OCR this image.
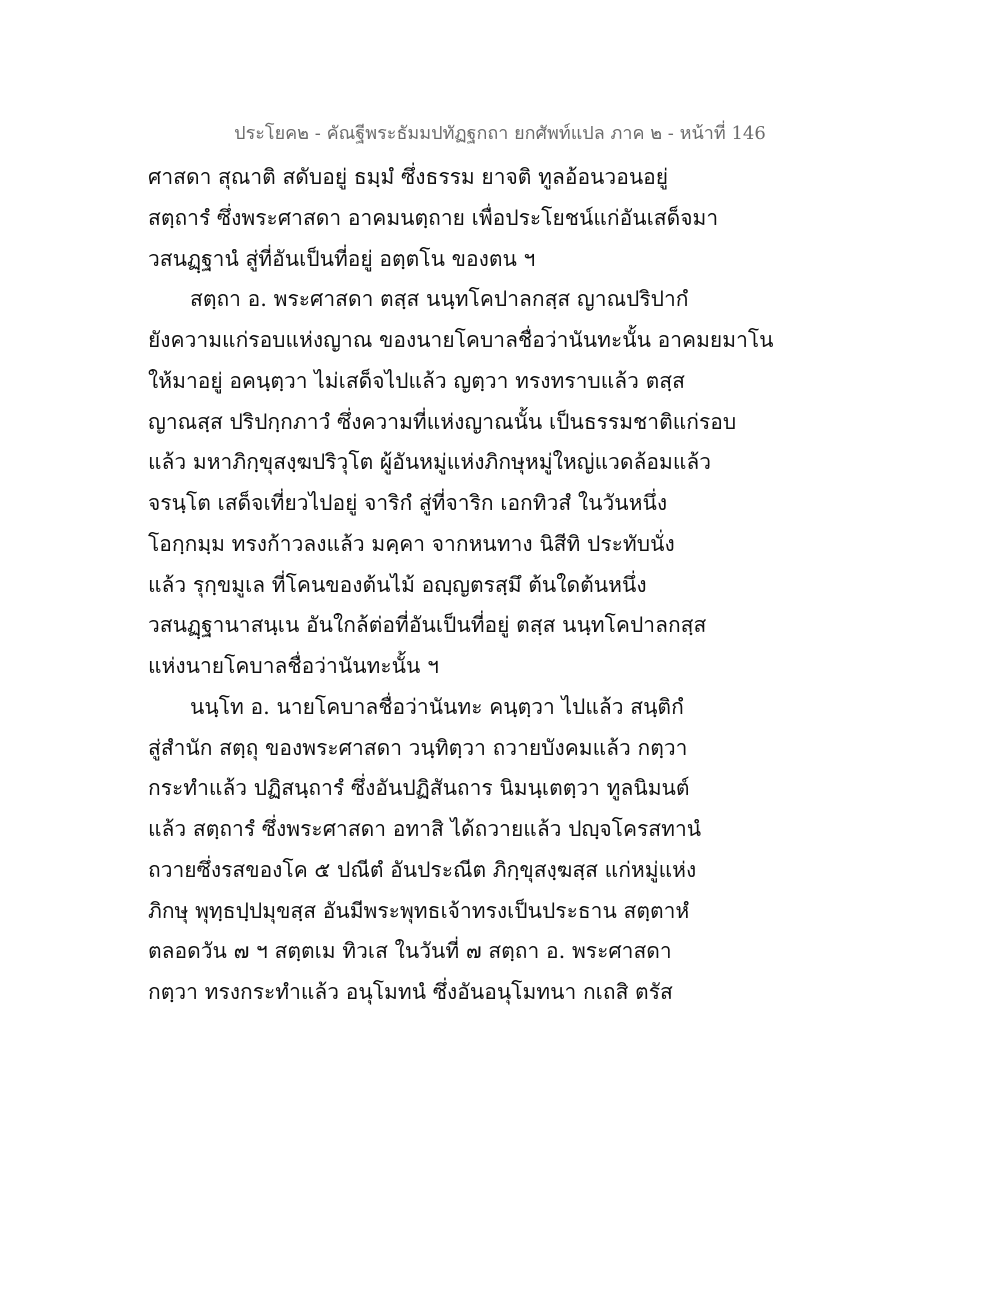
ประโยค๒ - คัณฐีพระธัมมปทัฏฐกถา ยกศัพท์แปล ภาค ๒ - หน้าที่ 146
ศาสดา สุณาติ สดับอยู่ ธมฺมํ ซึ่งธรรม ยาจติ ทูลอ้อนวอนอยู่
สตฺถารํ ซึ่งพระศาสดา อาคมนตฺถาย เพื่อประโยชน์แก่อันเสด็จมา
วสนฏฺฐานํ สู่ที่อันเป็นที่อยู่ อตฺตโน ของตน ฯ
สตฺถา อ. พระศาสดา ตสฺส นนฺทโคปาลกสฺส ญาณปริปากํ
ยังความแก่รอบแห่งญาณ ของนายโคบาลชื่อว่านันทะนั้น อาคมยมาโน
ให้มาอยู่ อคนฺตฺวา ไม่เสด็จไปแล้ว ญตฺวา ทรงทราบแล้ว ตสฺส
ญาณสฺส ปริปกฺกภาวํ ซึ่งความที่แห่งญาณนั้น เป็นธรรมชาติแก่รอบ
แล้ว มหาภิกฺขุสงฺฆปริวุโต ผู้อันหมู่แห่งภิกษุหมู่ใหญ่แวดล้อมแล้ว
จรนฺโต เสด็จเที่ยวไปอยู่ จาริกํ สู่ที่จาริก เอกทิวสํ ในวันหนึ่ง
โอกฺกมฺม ทรงก้าวลงแล้ว มคฺคา จากหนทาง นิสีทิ ประทับนั่ง
แล้ว รุกฺขมูเล ที่โคนของต้นไม้ อญฺญตรสฺมึ ต้นใดต้นหนึ่ง
วสนฏฺฐานาสนฺเน อันใกล้ต่อที่อันเป็นที่อยู่ ตสฺส นนฺทโคปาลกสฺส
แห่งนายโคบาลชื่อว่านันทะนั้น ฯ
นนฺโท อ. นายโคบาลชื่อว่านันทะ คนฺตฺวา ไปแล้ว สนฺติกํ
สู่สำนัก สตฺถุ ของพระศาสดา วนฺทิตฺวา ถวายบังคมแล้ว กตฺวา
กระทำแล้ว ปฏิสนฺถารํ ซึ่งอันปฏิสันถาร นิมนฺเตตฺวา ทูลนิมนต์
แล้ว สตฺถารํ ซึ่งพระศาสดา อทาสิ ได้ถวายแล้ว ปญฺจโครสทานํ
ถวายซึ่งรสของโค ๕ ปณีตํ อันประณีต ภิกฺขุสงฺฆสฺส แก่หมู่แห่ง
ภิกษุ พุทฺธปฺปมุขสฺส อันมีพระพุทธเจ้าทรงเป็นประธาน สตฺตาหํ
ตลอดวัน ๗ ฯ สตฺตเม ทิวเส ในวันที่ ๗ สตฺถา อ. พระศาสดา
กตฺวา ทรงกระทำแล้ว อนุโมทนํ ซึ่งอันอนุโมทนา กเถสิ ตรัส
